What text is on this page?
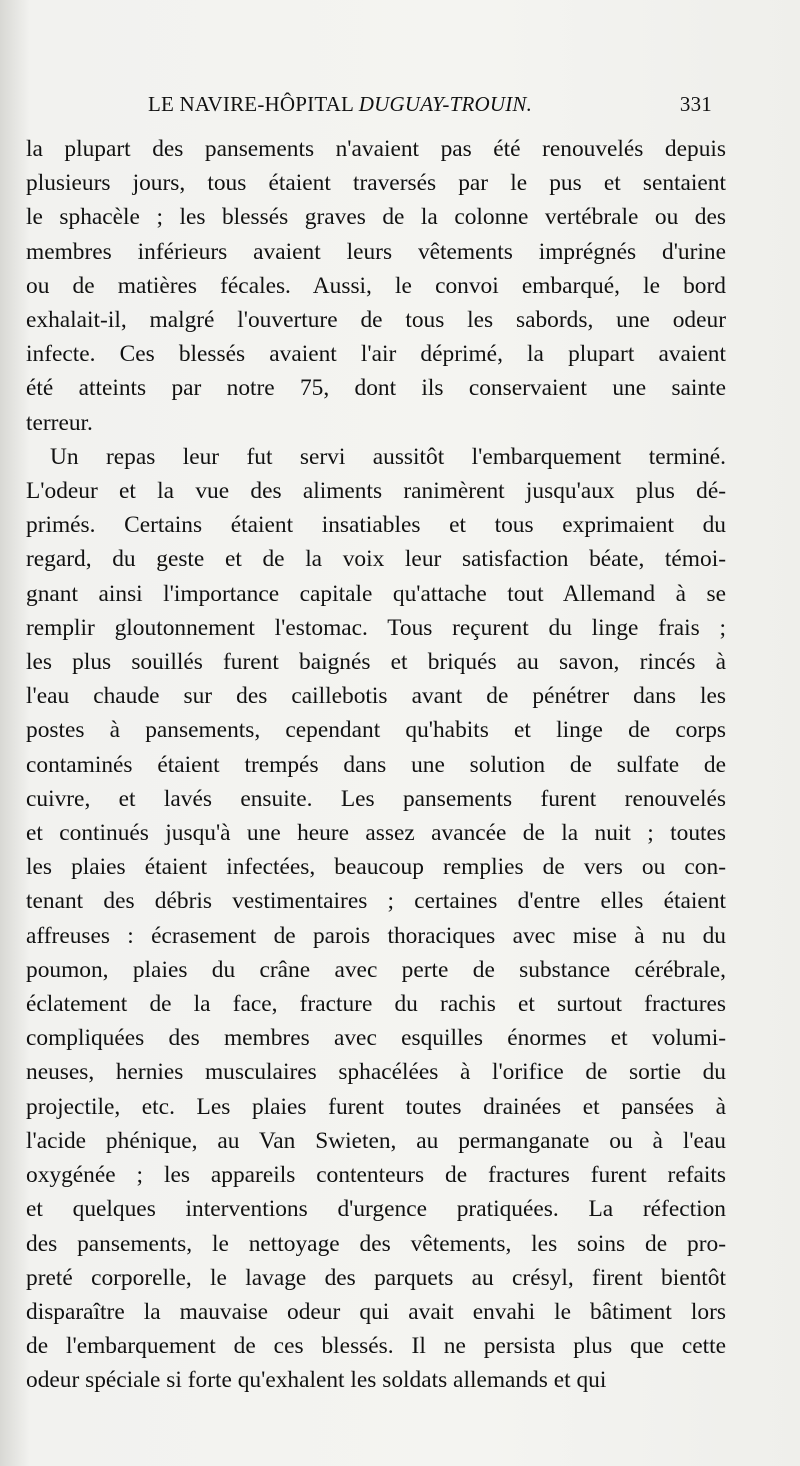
LE NAVIRE-HÔPITAL DUGUAY-TROUIN.	331

la plupart des pansements n'avaient pas été renouvelés depuis
plusieurs jours, tous étaient traversés par le pus et sentaient
le sphacèle ; les blessés graves de la colonne vertébrale ou des
membres inférieurs avaient leurs vêtements imprégnés d'urine
ou de matières fécales. Aussi, le convoi embarqué, le bord
exhalait-il, malgré l'ouverture de tous les sabords, une odeur
infecte. Ces blessés avaient l'air déprimé, la plupart avaient
été atteints par notre 75, dont ils conservaient une sainte
terreur.

Un repas leur fut servi aussitôt l'embarquement terminé.
L'odeur et la vue des aliments ranimèrent jusqu'aux plus dé-
primés. Certains étaient insatiables et tous exprimaient du
regard, du geste et de la voix leur satisfaction béate, témoi-
gnant ainsi l'importance capitale qu'attache tout Allemand à se
remplir gloutonnement l'estomac. Tous reçurent du linge frais ;
les plus souillés furent baignés et briqués au savon, rincés à
l'eau chaude sur des caillebotis avant de pénétrer dans les
postes à pansements, cependant qu'habits et linge de corps
contaminés étaient trempés dans une solution de sulfate de
cuivre, et lavés ensuite. Les pansements furent renouvelés
et continués jusqu'à une heure assez avancée de la nuit ; toutes
les plaies étaient infectées, beaucoup remplies de vers ou con-
tenant des débris vestimentaires ; certaines d'entre elles étaient
affreuses : écrasement de parois thoraciques avec mise à nu du
poumon, plaies du crâne avec perte de substance cérébrale,
éclatement de la face, fracture du rachis et surtout fractures
compliquées des membres avec esquilles énormes et volumi-
neuses, hernies musculaires sphacélées à l'orifice de sortie du
projectile, etc. Les plaies furent toutes drainées et pansées à
l'acide phénique, au Van Swieten, au permanganate ou à l'eau
oxygénée ; les appareils contenteurs de fractures furent refaits
et quelques interventions d'urgence pratiquées. La réfection
des pansements, le nettoyage des vêtements, les soins de pro-
preté corporelle, le lavage des parquets au crésyl, firent bientôt
disparaître la mauvaise odeur qui avait envahi le bâtiment lors
de l'embarquement de ces blessés. Il ne persista plus que cette
odeur spéciale si forte qu'exhalent les soldats allemands et qui
